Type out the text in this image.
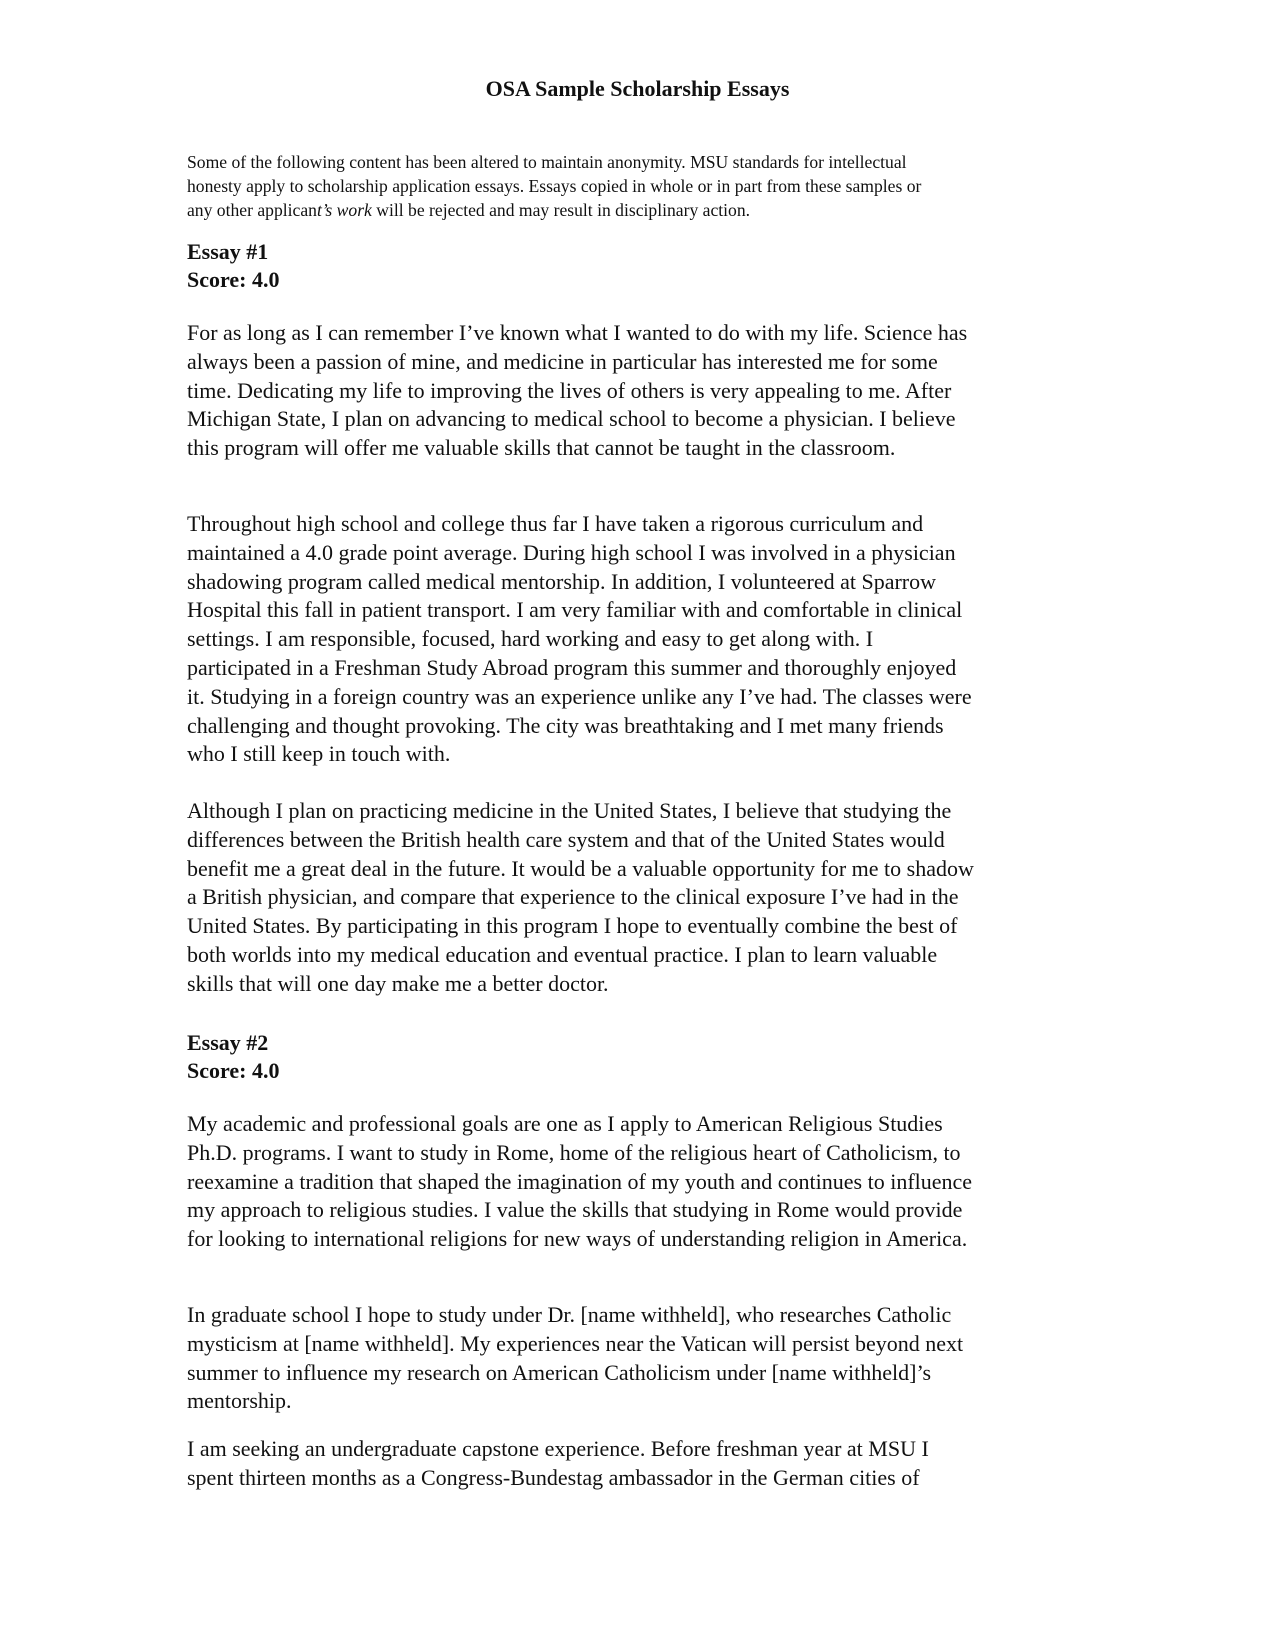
OSA Sample Scholarship Essays
Some of the following content has been altered to maintain anonymity. MSU standards for intellectual
honesty apply to scholarship application essays. Essays copied in whole or in part from these samples or
any other applicant’s work will be rejected and may result in disciplinary action.
Essay #1
Score: 4.0
For as long as I can remember I’ve known what I wanted to do with my life. Science has
always been a passion of mine, and medicine in particular has interested me for some
time. Dedicating my life to improving the lives of others is very appealing to me. After
Michigan State, I plan on advancing to medical school to become a physician. I believe
this program will offer me valuable skills that cannot be taught in the classroom.
Throughout high school and college thus far I have taken a rigorous curriculum and
maintained a 4.0 grade point average. During high school I was involved in a physician
shadowing program called medical mentorship. In addition, I volunteered at Sparrow
Hospital this fall in patient transport. I am very familiar with and comfortable in clinical
settings. I am responsible, focused, hard working and easy to get along with. I
participated in a Freshman Study Abroad program this summer and thoroughly enjoyed
it. Studying in a foreign country was an experience unlike any I’ve had. The classes were
challenging and thought provoking. The city was breathtaking and I met many friends
who I still keep in touch with.
Although I plan on practicing medicine in the United States, I believe that studying the
differences between the British health care system and that of the United States would
benefit me a great deal in the future. It would be a valuable opportunity for me to shadow
a British physician, and compare that experience to the clinical exposure I’ve had in the
United States. By participating in this program I hope to eventually combine the best of
both worlds into my medical education and eventual practice. I plan to learn valuable
skills that will one day make me a better doctor.
Essay #2
Score: 4.0
My academic and professional goals are one as I apply to American Religious Studies
Ph.D. programs. I want to study in Rome, home of the religious heart of Catholicism, to
reexamine a tradition that shaped the imagination of my youth and continues to influence
my approach to religious studies. I value the skills that studying in Rome would provide
for looking to international religions for new ways of understanding religion in America.
In graduate school I hope to study under Dr. [name withheld], who researches Catholic
mysticism at [name withheld]. My experiences near the Vatican will persist beyond next
summer to influence my research on American Catholicism under [name withheld]’s
mentorship.
I am seeking an undergraduate capstone experience. Before freshman year at MSU I
spent thirteen months as a Congress-Bundestag ambassador in the German cities of
